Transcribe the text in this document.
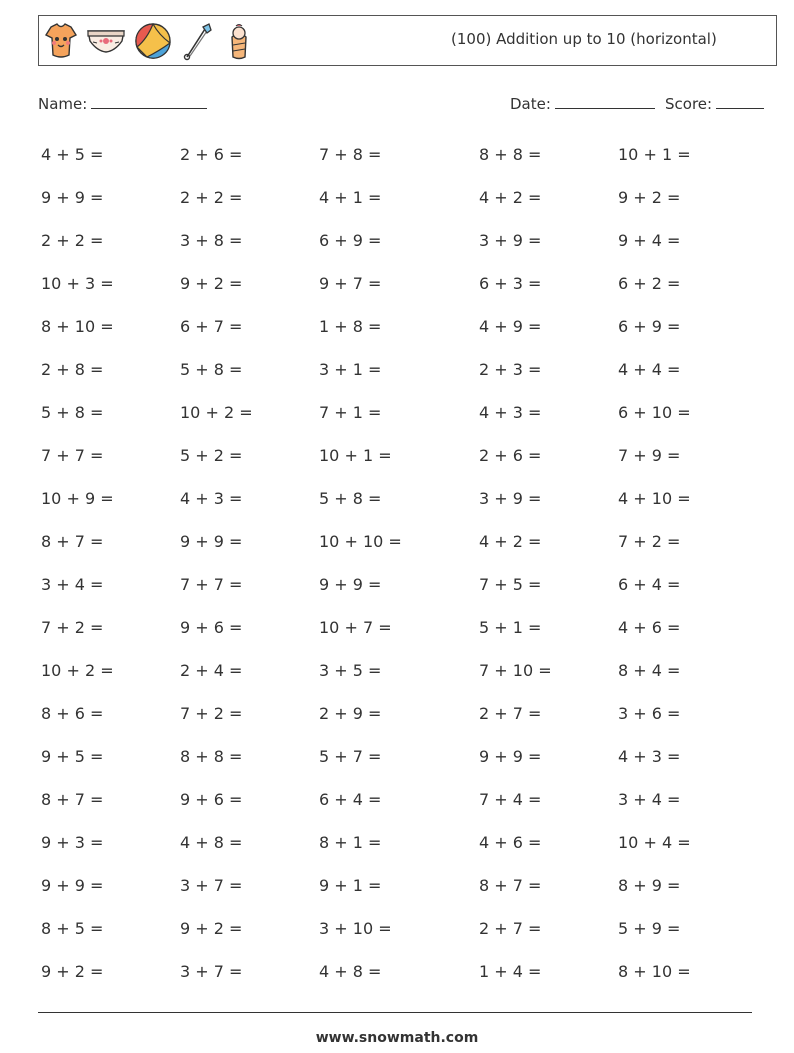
(100) Addition up to 10 (horizontal)
Name:	Date:	Score:
4 + 5 =	2 + 6 =	7 + 8 =	8 + 8 =	10 + 1 =
9 + 9 =	2 + 2 =	4 + 1 =	4 + 2 =	9 + 2 =
2 + 2 =	3 + 8 =	6 + 9 =	3 + 9 =	9 + 4 =
10 + 3 =	9 + 2 =	9 + 7 =	6 + 3 =	6 + 2 =
8 + 10 =	6 + 7 =	1 + 8 =	4 + 9 =	6 + 9 =
2 + 8 =	5 + 8 =	3 + 1 =	2 + 3 =	4 + 4 =
5 + 8 =	10 + 2 =	7 + 1 =	4 + 3 =	6 + 10 =
7 + 7 =	5 + 2 =	10 + 1 =	2 + 6 =	7 + 9 =
10 + 9 =	4 + 3 =	5 + 8 =	3 + 9 =	4 + 10 =
8 + 7 =	9 + 9 =	10 + 10 =	4 + 2 =	7 + 2 =
3 + 4 =	7 + 7 =	9 + 9 =	7 + 5 =	6 + 4 =
7 + 2 =	9 + 6 =	10 + 7 =	5 + 1 =	4 + 6 =
10 + 2 =	2 + 4 =	3 + 5 =	7 + 10 =	8 + 4 =
8 + 6 =	7 + 2 =	2 + 9 =	2 + 7 =	3 + 6 =
9 + 5 =	8 + 8 =	5 + 7 =	9 + 9 =	4 + 3 =
8 + 7 =	9 + 6 =	6 + 4 =	7 + 4 =	3 + 4 =
9 + 3 =	4 + 8 =	8 + 1 =	4 + 6 =	10 + 4 =
9 + 9 =	3 + 7 =	9 + 1 =	8 + 7 =	8 + 9 =
8 + 5 =	9 + 2 =	3 + 10 =	2 + 7 =	5 + 9 =
9 + 2 =	3 + 7 =	4 + 8 =	1 + 4 =	8 + 10 =
www.snowmath.com
